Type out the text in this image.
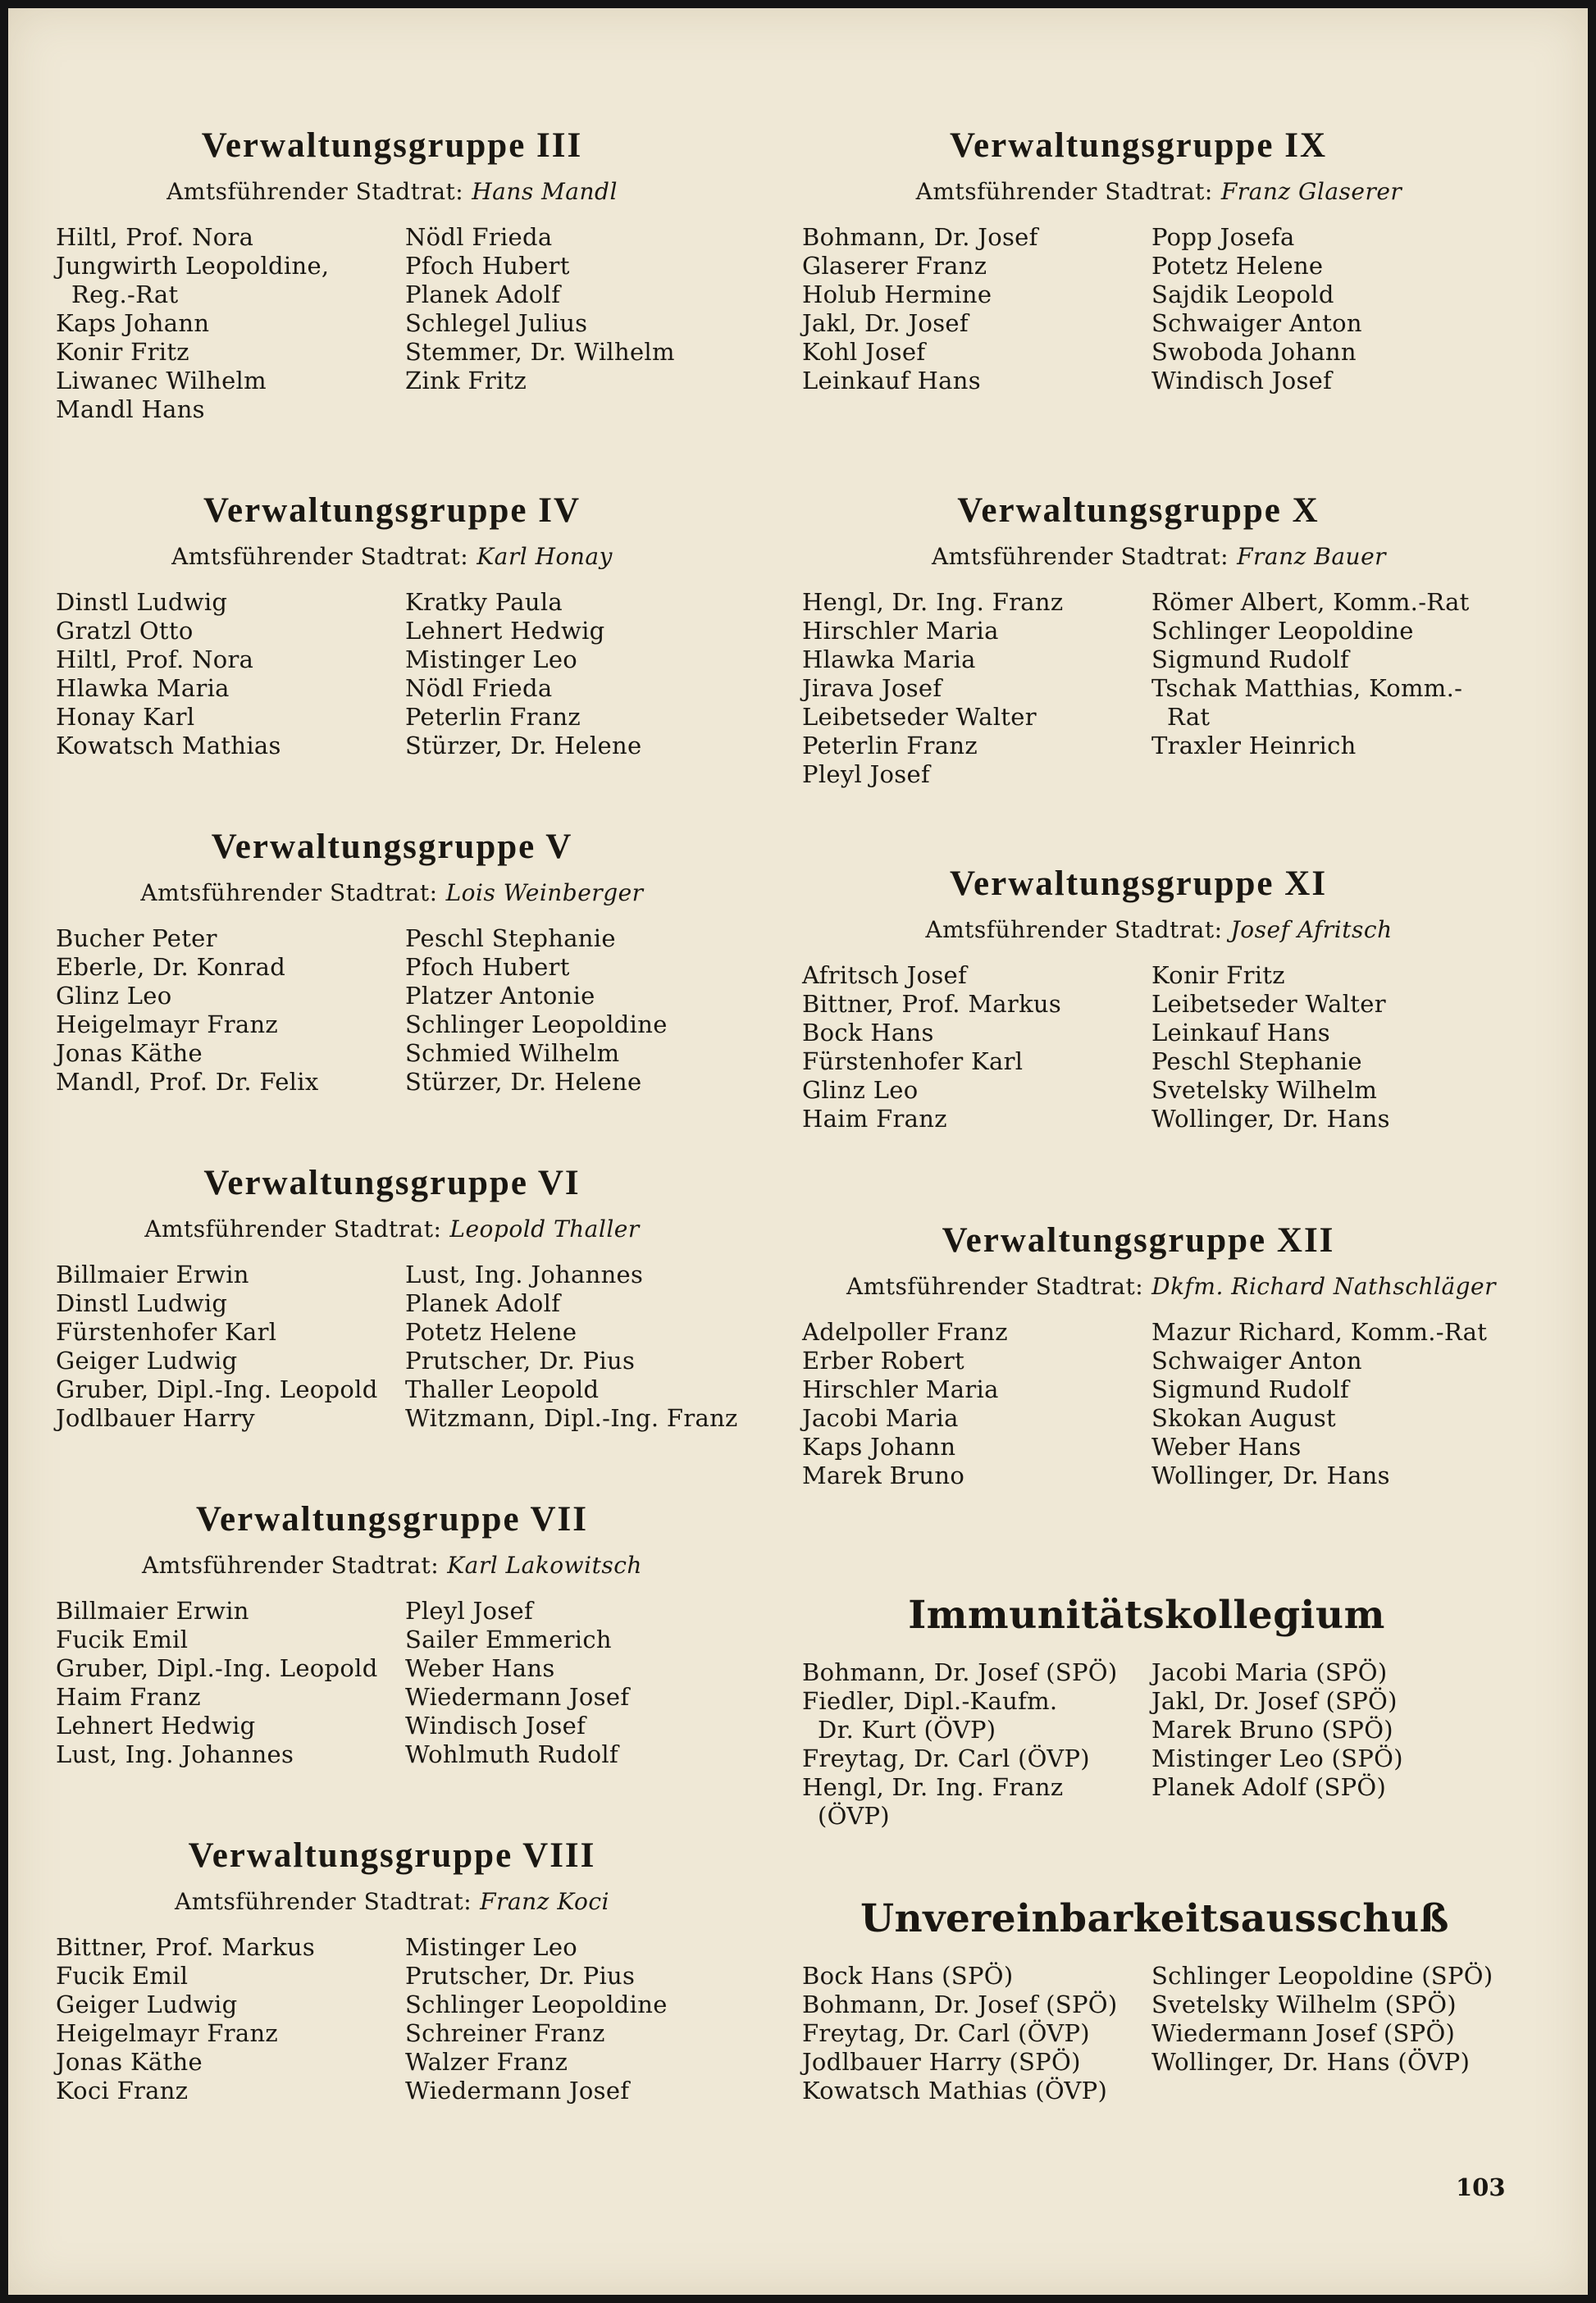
Verwaltungsgruppe III
Amtsführender Stadtrat: Hans Mandl
Hiltl, Prof. Nora
Jungwirth Leopoldine,
Reg.-Rat
Kaps Johann
Konir Fritz
Liwanec Wilhelm
Mandl Hans
Nödl Frieda
Pfoch Hubert
Planek Adolf
Schlegel Julius
Stemmer, Dr. Wilhelm
Zink Fritz
Verwaltungsgruppe IV
Amtsführender Stadtrat: Karl Honay
Dinstl Ludwig
Gratzl Otto
Hiltl, Prof. Nora
Hlawka Maria
Honay Karl
Kowatsch Mathias
Kratky Paula
Lehnert Hedwig
Mistinger Leo
Nödl Frieda
Peterlin Franz
Stürzer, Dr. Helene
Verwaltungsgruppe V
Amtsführender Stadtrat: Lois Weinberger
Bucher Peter
Eberle, Dr. Konrad
Glinz Leo
Heigelmayr Franz
Jonas Käthe
Mandl, Prof. Dr. Felix
Peschl Stephanie
Pfoch Hubert
Platzer Antonie
Schlinger Leopoldine
Schmied Wilhelm
Stürzer, Dr. Helene
Verwaltungsgruppe VI
Amtsführender Stadtrat: Leopold Thaller
Billmaier Erwin
Dinstl Ludwig
Fürstenhofer Karl
Geiger Ludwig
Gruber, Dipl.-Ing. Leopold
Jodlbauer Harry
Lust, Ing. Johannes
Planek Adolf
Potetz Helene
Prutscher, Dr. Pius
Thaller Leopold
Witzmann, Dipl.-Ing. Franz
Verwaltungsgruppe VII
Amtsführender Stadtrat: Karl Lakowitsch
Billmaier Erwin
Fucik Emil
Gruber, Dipl.-Ing. Leopold
Haim Franz
Lehnert Hedwig
Lust, Ing. Johannes
Pleyl Josef
Sailer Emmerich
Weber Hans
Wiedermann Josef
Windisch Josef
Wohlmuth Rudolf
Verwaltungsgruppe VIII
Amtsführender Stadtrat: Franz Koci
Bittner, Prof. Markus
Fucik Emil
Geiger Ludwig
Heigelmayr Franz
Jonas Käthe
Koci Franz
Mistinger Leo
Prutscher, Dr. Pius
Schlinger Leopoldine
Schreiner Franz
Walzer Franz
Wiedermann Josef
Verwaltungsgruppe IX
Amtsführender Stadtrat: Franz Glaserer
Bohmann, Dr. Josef
Glaserer Franz
Holub Hermine
Jakl, Dr. Josef
Kohl Josef
Leinkauf Hans
Popp Josefa
Potetz Helene
Sajdik Leopold
Schwaiger Anton
Swoboda Johann
Windisch Josef
Verwaltungsgruppe X
Amtsführender Stadtrat: Franz Bauer
Hengl, Dr. Ing. Franz
Hirschler Maria
Hlawka Maria
Jirava Josef
Leibetseder Walter
Peterlin Franz
Pleyl Josef
Römer Albert, Komm.-Rat
Schlinger Leopoldine
Sigmund Rudolf
Tschak Matthias, Komm.-
Rat
Traxler Heinrich
Verwaltungsgruppe XI
Amtsführender Stadtrat: Josef Afritsch
Afritsch Josef
Bittner, Prof. Markus
Bock Hans
Fürstenhofer Karl
Glinz Leo
Haim Franz
Konir Fritz
Leibetseder Walter
Leinkauf Hans
Peschl Stephanie
Svetelsky Wilhelm
Wollinger, Dr. Hans
Verwaltungsgruppe XII
Amtsführender Stadtrat: Dkfm. Richard Nathschläger
Adelpoller Franz
Erber Robert
Hirschler Maria
Jacobi Maria
Kaps Johann
Marek Bruno
Mazur Richard, Komm.-Rat
Schwaiger Anton
Sigmund Rudolf
Skokan August
Weber Hans
Wollinger, Dr. Hans
Immunitätskollegium
Bohmann, Dr. Josef (SPÖ)
Fiedler, Dipl.-Kaufm.
Dr. Kurt (ÖVP)
Freytag, Dr. Carl (ÖVP)
Hengl, Dr. Ing. Franz
(ÖVP)
Jacobi Maria (SPÖ)
Jakl, Dr. Josef (SPÖ)
Marek Bruno (SPÖ)
Mistinger Leo (SPÖ)
Planek Adolf (SPÖ)
Unvereinbarkeitsausschuß
Bock Hans (SPÖ)
Bohmann, Dr. Josef (SPÖ)
Freytag, Dr. Carl (ÖVP)
Jodlbauer Harry (SPÖ)
Kowatsch Mathias (ÖVP)
Schlinger Leopoldine (SPÖ)
Svetelsky Wilhelm (SPÖ)
Wiedermann Josef (SPÖ)
Wollinger, Dr. Hans (ÖVP)
103
